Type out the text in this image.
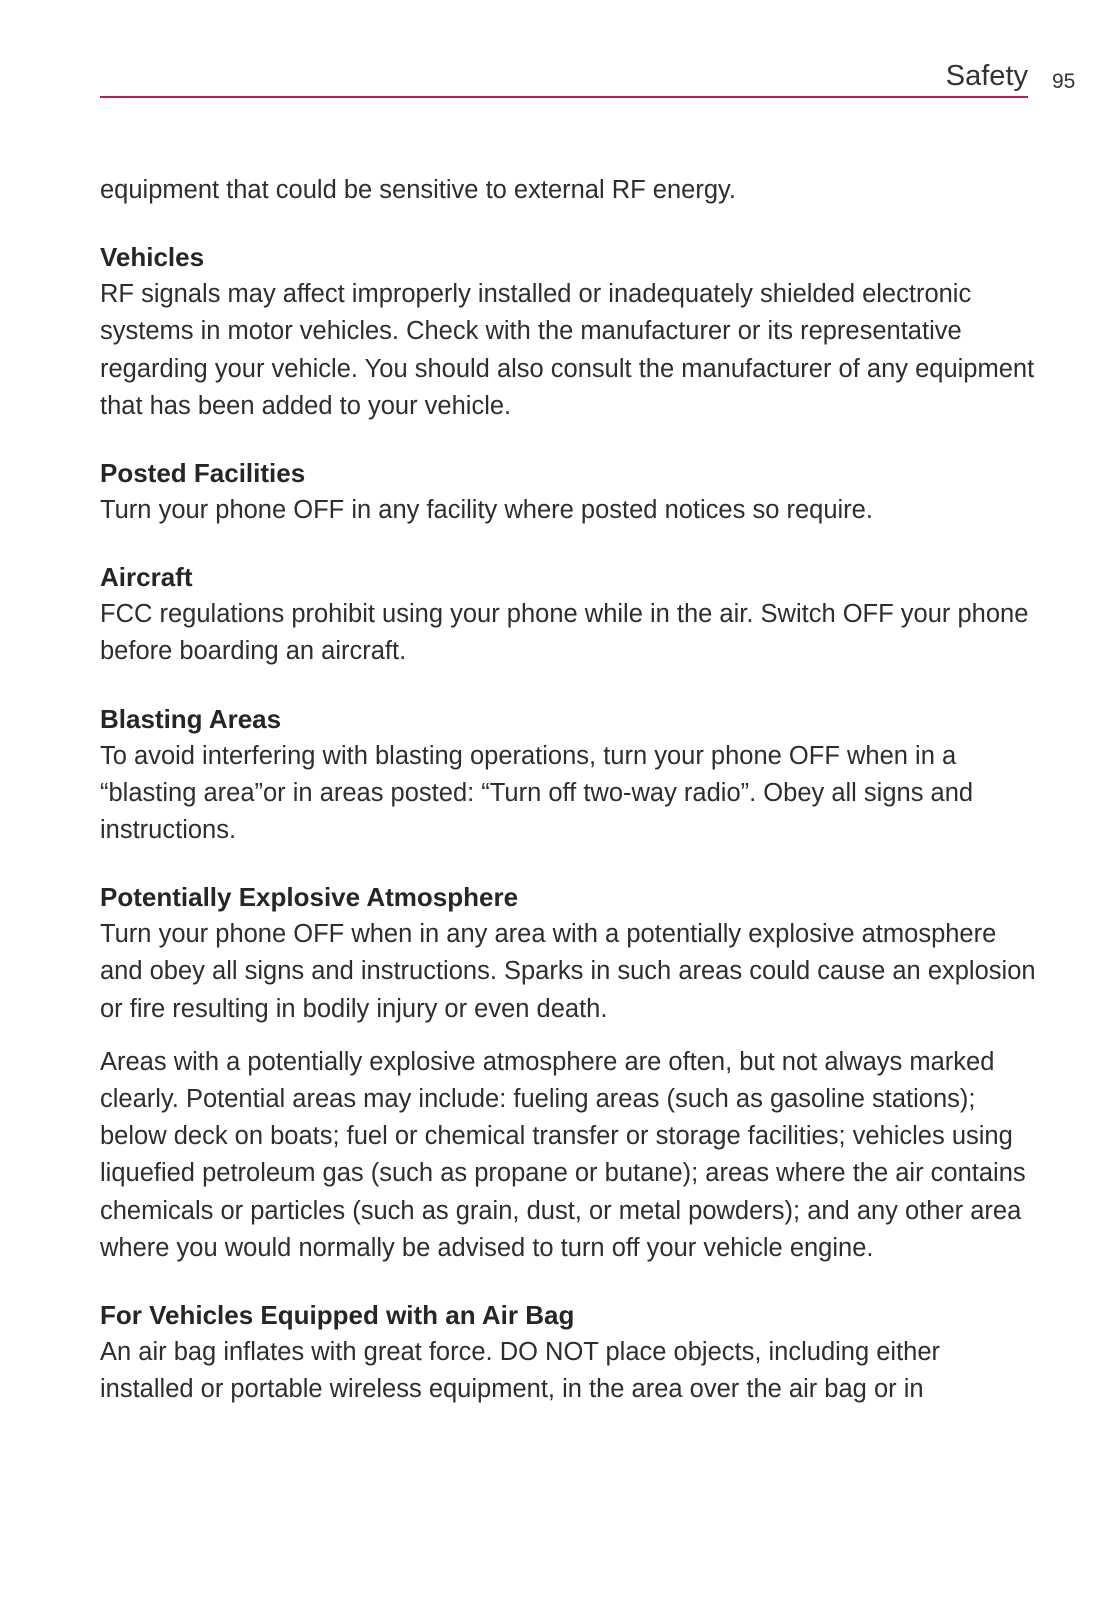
Safety 95

equipment that could be sensitive to external RF energy.

Vehicles

RF signals may affect improperly installed or inadequately shielded electronic systems in motor vehicles. Check with the manufacturer or its representative regarding your vehicle. You should also consult the manufacturer of any equipment that has been added to your vehicle.

Posted Facilities

Turn your phone OFF in any facility where posted notices so require.

Aircraft

FCC regulations prohibit using your phone while in the air. Switch OFF your phone before boarding an aircraft.

Blasting Areas

To avoid interfering with blasting operations, turn your phone OFF when in a “blasting area”or in areas posted: “Turn off two-way radio”. Obey all signs and instructions.

Potentially Explosive Atmosphere

Turn your phone OFF when in any area with a potentially explosive atmosphere and obey all signs and instructions. Sparks in such areas could cause an explosion or fire resulting in bodily injury or even death.

Areas with a potentially explosive atmosphere are often, but not always marked clearly. Potential areas may include: fueling areas (such as gasoline stations); below deck on boats; fuel or chemical transfer or storage facilities; vehicles using liquefied petroleum gas (such as propane or butane); areas where the air contains chemicals or particles (such as grain, dust, or metal powders); and any other area where you would normally be advised to turn off your vehicle engine.

For Vehicles Equipped with an Air Bag

An air bag inflates with great force. DO NOT place objects, including either installed or portable wireless equipment, in the area over the air bag or in
